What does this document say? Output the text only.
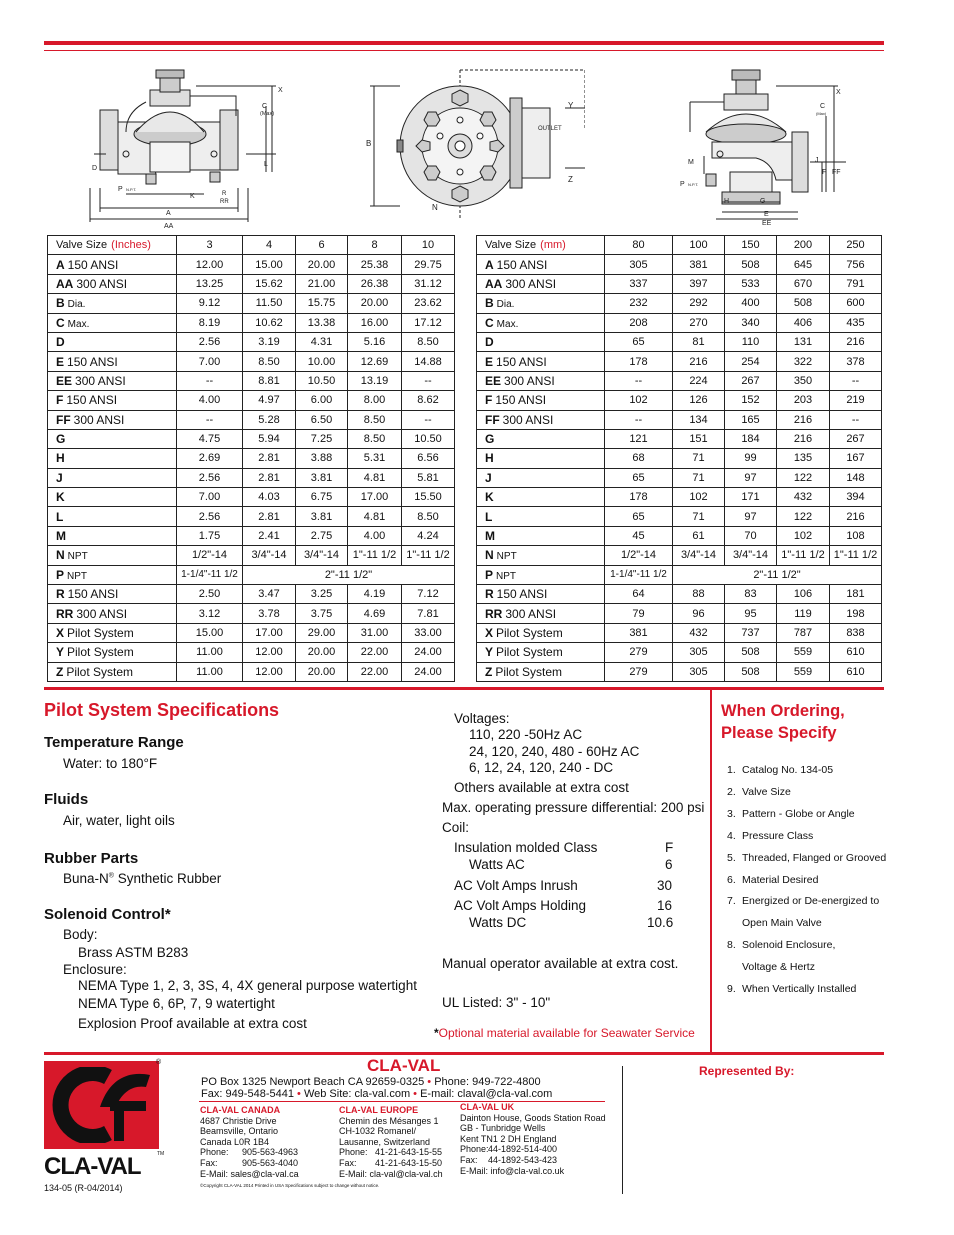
X
C
(Max)
D
L
P N.P.T.
K	R
RR
A
AA
Y
B
OUTLET
Z
N
X
C
(Max)
M
P N.P.T.
J
F FF
H	G
E
EE
Valve Size (Inches)	3	4	6	8	10
A 150 ANSI	12.00	15.00	20.00	25.38	29.75
AA 300 ANSI	13.25	15.62	21.00	26.38	31.12
B Dia.	9.12	11.50	15.75	20.00	23.62
C Max.	8.19	10.62	13.38	16.00	17.12
D	2.56	3.19	4.31	5.16	8.50
E 150 ANSI	7.00	8.50	10.00	12.69	14.88
EE 300 ANSI	--	8.81	10.50	13.19	--
F 150 ANSI	4.00	4.97	6.00	8.00	8.62
FF 300 ANSI	--	5.28	6.50	8.50	--
G	4.75	5.94	7.25	8.50	10.50
H	2.69	2.81	3.88	5.31	6.56
J	2.56	2.81	3.81	4.81	5.81
K	7.00	4.03	6.75	17.00	15.50
L	2.56	2.81	3.81	4.81	8.50
M	1.75	2.41	2.75	4.00	4.24
N NPT	1/2"-14	3/4"-14	3/4"-14	1"-11 1/2	1"-11 1/2
P NPT	1-1/4"-11 1/2	2"-11 1/2"			
R 150 ANSI	2.50	3.47	3.25	4.19	7.12
RR 300 ANSI	3.12	3.78	3.75	4.69	7.81
X Pilot System	15.00	17.00	29.00	31.00	33.00
Y Pilot System	11.00	12.00	20.00	22.00	24.00
Z Pilot System	11.00	12.00	20.00	22.00	24.00
Valve Size (mm)	80	100	150	200	250
A 150 ANSI	305	381	508	645	756
AA 300 ANSI	337	397	533	670	791
B Dia.	232	292	400	508	600
C Max.	208	270	340	406	435
D	65	81	110	131	216
E 150 ANSI	178	216	254	322	378
EE 300 ANSI	--	224	267	350	--
F 150 ANSI	102	126	152	203	219
FF 300 ANSI	--	134	165	216	--
G	121	151	184	216	267
H	68	71	99	135	167
J	65	71	97	122	148
K	178	102	171	432	394
L	65	71	97	122	216
M	45	61	70	102	108
N NPT	1/2"-14	3/4"-14	3/4"-14	1"-11 1/2	1"-11 1/2
P NPT	1-1/4"-11 1/2	2"-11 1/2"			
R 150 ANSI	64	88	83	106	181
RR 300 ANSI	79	96	95	119	198
X Pilot System	381	432	737	787	838
Y Pilot System	279	305	508	559	610
Z Pilot System	279	305	508	559	610
Pilot System Specifications
Temperature Range
Water: to 180°F
Fluids
Air, water, light oils
Rubber Parts
Buna-N® Synthetic Rubber
Solenoid Control*
Body:
Brass ASTM B283
Enclosure:
NEMA Type 1, 2, 3, 3S, 4, 4X general purpose watertight
NEMA Type 6, 6P, 7, 9 watertight
Explosion Proof available at extra cost
Voltages:
110, 220 -50Hz AC
24, 120, 240, 480 - 60Hz AC
6, 12, 24, 120, 240 - DC
Others available at extra cost
Max. operating pressure differential: 200 psi
Coil:
Insulation molded Class	F
Watts AC	6
AC Volt Amps Inrush	30
AC Volt Amps Holding	16
Watts DC	10.6
Manual operator available at extra cost.
UL Listed: 3" - 10"
*Optional material available for Seawater Service
When Ordering,
Please Specify
1. Catalog No. 134-05
2. Valve Size
3. Pattern - Globe or Angle
4. Pressure Class
5. Threaded, Flanged or Grooved
6. Material Desired
7. Energized or De-energized to
Open Main Valve
8. Solenoid Enclosure,
Voltage & Hertz
9. When Vertically Installed
CLA-VAL
®
TM
134-05 (R-04/2014)
CLA-VAL
PO Box 1325 Newport Beach CA 92659-0325 • Phone: 949-722-4800
Fax: 949-548-5441 • Web Site: cla-val.com • E-mail: claval@cla-val.com
CLA-VAL CANADA
4687 Christie Drive
Beamsville, Ontario
Canada L0R 1B4
Phone: 905-563-4963
Fax:	905-563-4040
E-Mail: sales@cla-val.ca
CLA-VAL EUROPE
Chemin des Mésanges 1
CH-1032 Romanel/
Lausanne, Switzerland
Phone: 41-21-643-15-55
Fax: 41-21-643-15-50
E-Mail: cla-val@cla-val.ch
CLA-VAL UK
Dainton House, Goods Station Road
GB - Tunbridge Wells
Kent TN1 2 DH England
Phone:44-1892-514-400
Fax: 44-1892-543-423
E-Mail: info@cla-val.co.uk
©Copyright CLA-VAL 2014 Printed in USA Specifications subject to change without notice.
Represented By:
